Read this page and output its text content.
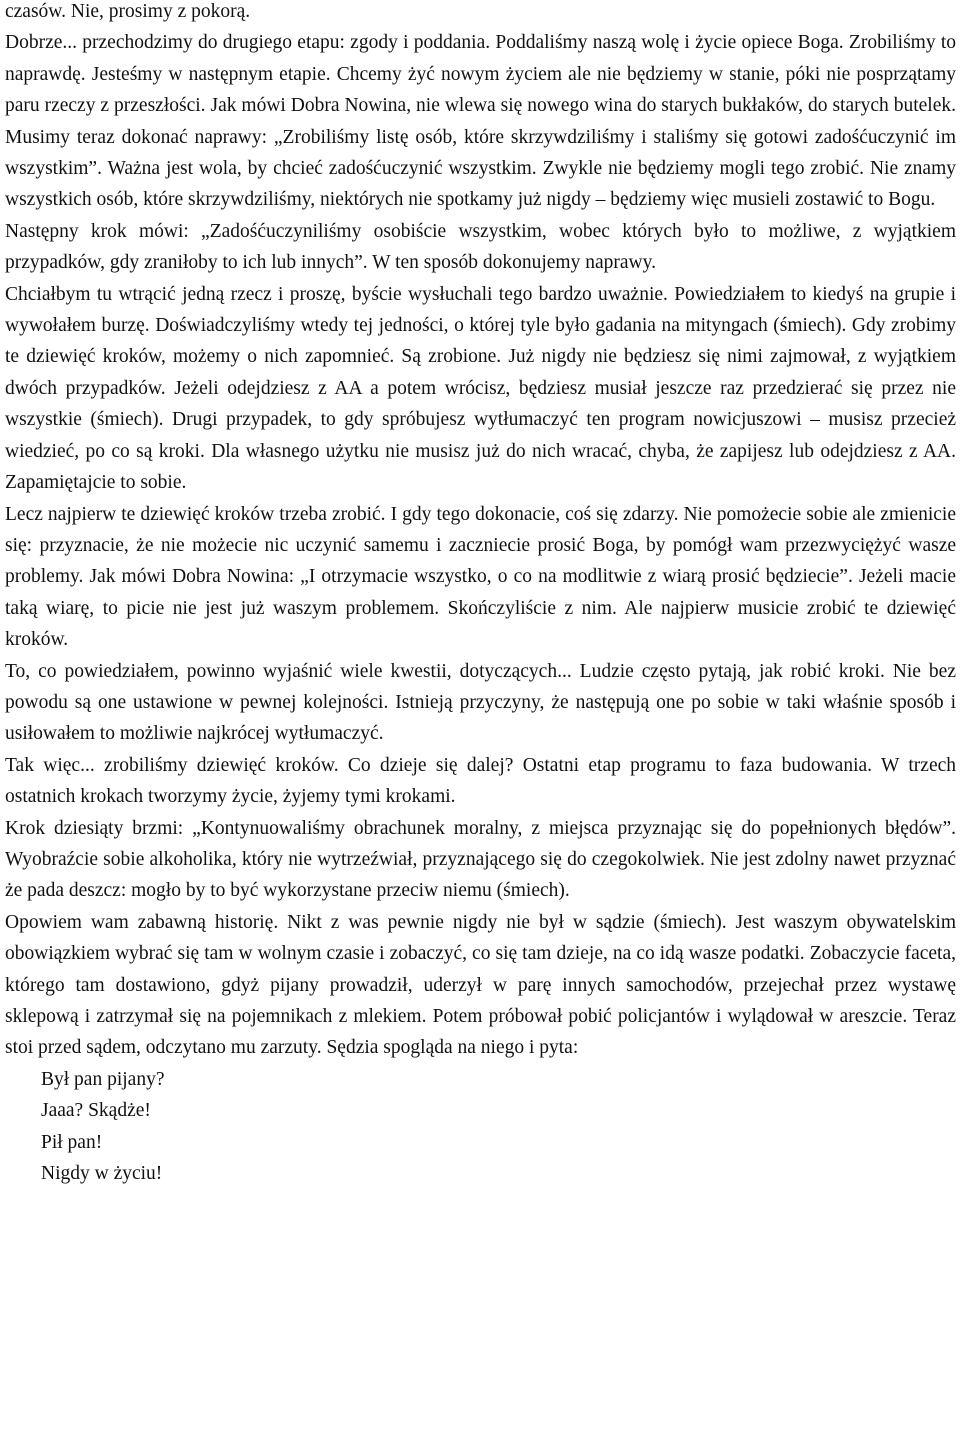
czasów. Nie, prosimy z pokorą.

Dobrze... przechodzimy do drugiego etapu: zgody i poddania. Poddaliśmy naszą wolę i życie opiece Boga. Zrobiliśmy to naprawdę. Jesteśmy w następnym etapie. Chcemy żyć nowym życiem ale nie będziemy w stanie, póki nie posprzątamy paru rzeczy z przeszłości. Jak mówi Dobra Nowina, nie wlewa się nowego wina do starych bukłaków, do starych butelek. Musimy teraz dokonać naprawy: „Zrobiliśmy listę osób, które skrzywdziliśmy i staliśmy się gotowi zadośćuczynić im wszystkim”. Ważna jest wola, by chcieć zadośćuczynić wszystkim. Zwykle nie będziemy mogli tego zrobić. Nie znamy wszystkich osób, które skrzywdziliśmy, niektórych nie spotkamy już nigdy – będziemy więc musieli zostawić to Bogu.

Następny krok mówi: „Zadośćuczyniliśmy osobiście wszystkim, wobec których było to możliwe, z wyjątkiem przypadków, gdy zraniłoby to ich lub innych”. W ten sposób dokonujemy naprawy.

Chciałbym tu wtrącić jedną rzecz i proszę, byście wysłuchali tego bardzo uważnie. Powiedziałem to kiedyś na grupie i wywołałem burzę. Doświadczyliśmy wtedy tej jedności, o której tyle było gadania na mityngach (śmiech). Gdy zrobimy te dziewięć kroków, możemy o nich zapomnieć. Są zrobione. Już nigdy nie będziesz się nimi zajmował, z wyjątkiem dwóch przypadków. Jeżeli odejdziesz z AA a potem wrócisz, będziesz musiał jeszcze raz przedzierać się przez nie wszystkie (śmiech). Drugi przypadek, to gdy spróbujesz wytłumaczyć ten program nowicjuszowi – musisz przecież wiedzieć, po co są kroki. Dla własnego użytku nie musisz już do nich wracać, chyba, że zapijesz lub odejdziesz z AA. Zapamiętajcie to sobie.

Lecz najpierw te dziewięć kroków trzeba zrobić. I gdy tego dokonacie, coś się zdarzy. Nie pomożecie sobie ale zmienicie się: przyznacie, że nie możecie nic uczynić samemu i zaczniecie prosić Boga, by pomógł wam przezwyciężyć wasze problemy. Jak mówi Dobra Nowina: „I otrzymacie wszystko, o co na modlitwie z wiarą prosić będziecie”. Jeżeli macie taką wiarę, to picie nie jest już waszym problemem. Skończyliście z nim. Ale najpierw musicie zrobić te dziewięć kroków.

To, co powiedziałem, powinno wyjaśnić wiele kwestii, dotyczących... Ludzie często pytają, jak robić kroki. Nie bez powodu są one ustawione w pewnej kolejności. Istnieją przyczyny, że następują one po sobie w taki właśnie sposób i usiłowałem to możliwie najkrócej wytłumaczyć.

Tak więc... zrobiliśmy dziewięć kroków. Co dzieje się dalej? Ostatni etap programu to faza budowania. W trzech ostatnich krokach tworzymy życie, żyjemy tymi krokami.

Krok dziesiąty brzmi: „Kontynuowaliśmy obrachunek moralny, z miejsca przyznając się do popełnionych błędów”. Wyobraźcie sobie alkoholika, który nie wytrzeźwiał, przyznającego się do czegokolwiek. Nie jest zdolny nawet przyznać że pada deszcz: mogło by to być wykorzystane przeciw niemu (śmiech).

Opowiem wam zabawną historię. Nikt z was pewnie nigdy nie był w sądzie (śmiech). Jest waszym obywatelskim obowiązkiem wybrać się tam w wolnym czasie i zobaczyć, co się tam dzieje, na co idą wasze podatki. Zobaczycie faceta, którego tam dostawiono, gdyż pijany prowadził, uderzył w parę innych samochodów, przejechał przez wystawę sklepową i zatrzymał się na pojemnikach z mlekiem. Potem próbował pobić policjantów i wylądował w areszcie. Teraz stoi przed sądem, odczytano mu zarzuty. Sędzia spogląda na niego i pyta:

Był pan pijany?

Jaaa? Skądże!

Pił pan!

Nigdy w życiu!
